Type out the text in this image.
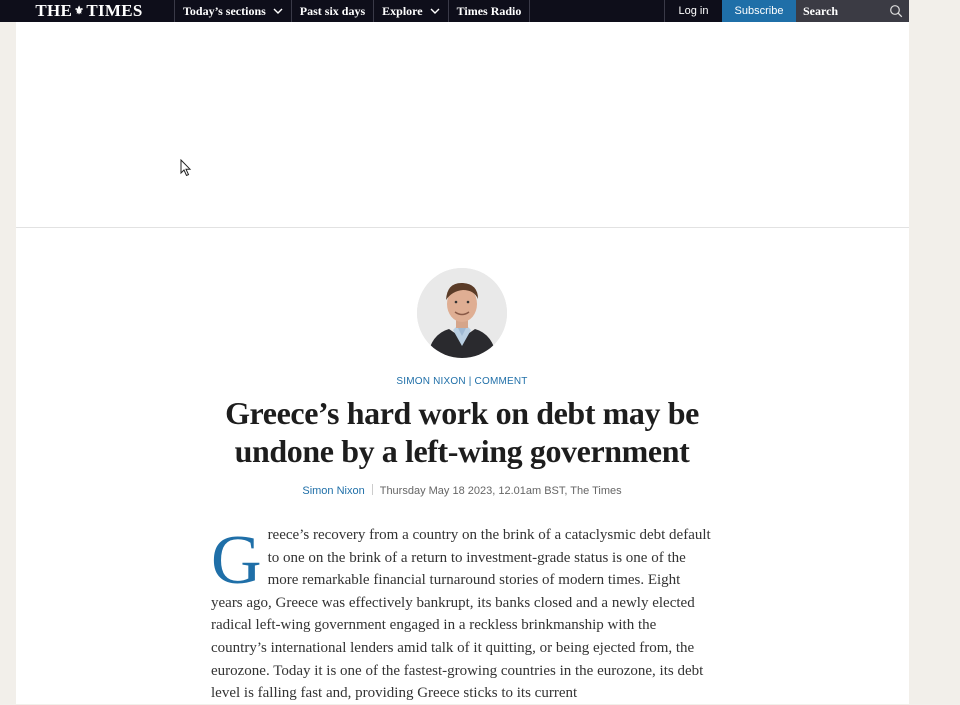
THE ⚜ TIMES	Today’s sections	Past six days Explore	Times Radio	Log in	Subscribe	Search
SIMON NIXON | COMMENT
Greece’s hard work on debt may be undone by a left-wing government
Simon Nixon Thursday May 18 2023, 12.01am BST, The Times

Greece’s recovery from a country on the brink of a cataclysmic debt default to one on the brink of a return to investment-grade status is one of the more remarkable financial turnaround stories of modern times. Eight years ago, Greece was effectively bankrupt, its banks closed and a newly elected radical left-wing government engaged in a reckless brinkmanship with the country’s international lenders amid talk of it quitting, or being ejected from, the eurozone. Today it is one of the fastest-growing countries in the eurozone, its debt level is falling fast and, providing Greece sticks to its current
